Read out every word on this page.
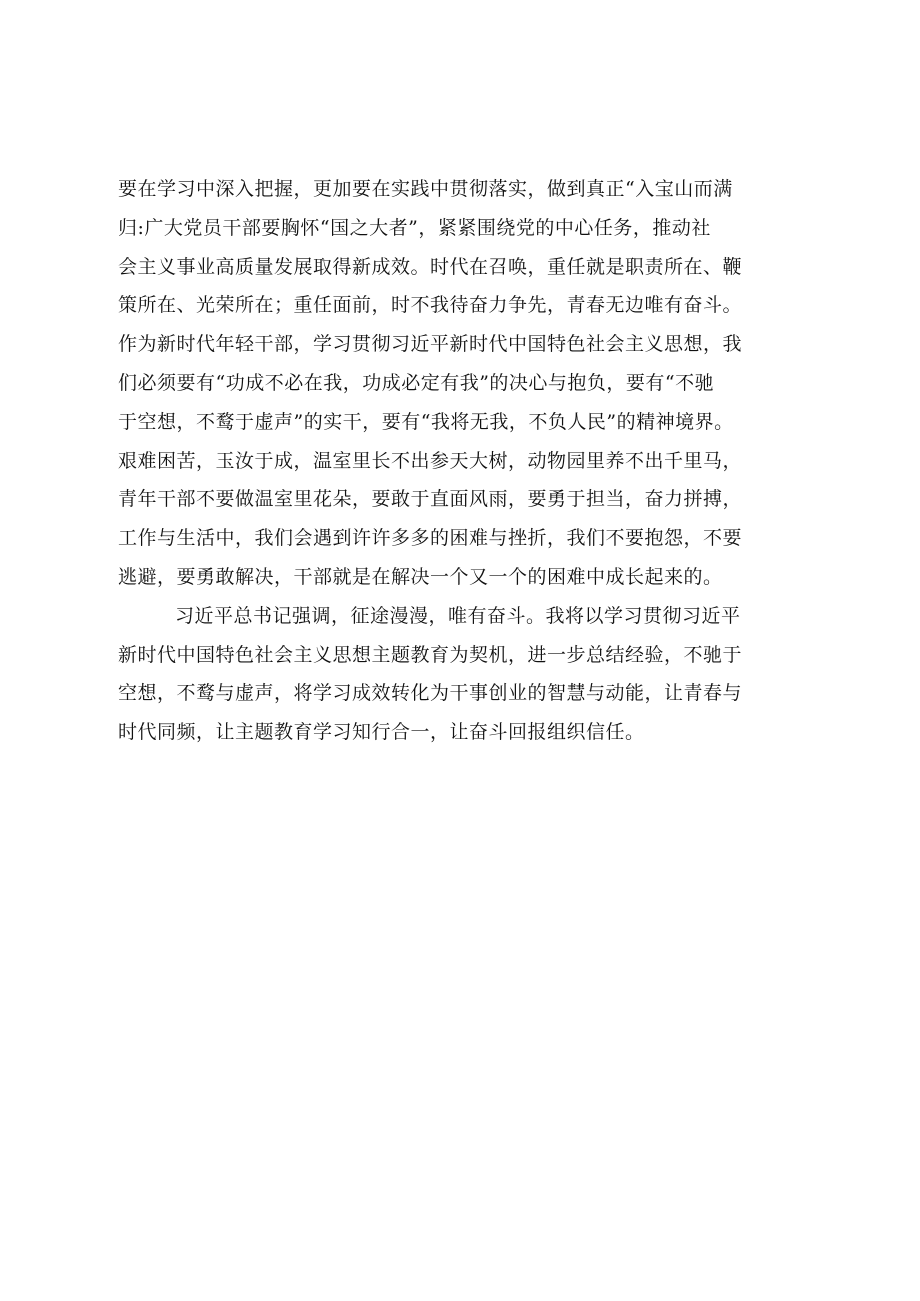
要在学习中深入把握，更加要在实践中贯彻落实，做到真正“入宝山而满
归:广大党员干部要胸怀“国之大者”，紧紧围绕党的中心任务，推动社
会主义事业高质量发展取得新成效。时代在召唤，重任就是职责所在、鞭
策所在、光荣所在；重任面前，时不我待奋力争先，青春无边唯有奋斗。
作为新时代年轻干部，学习贯彻习近平新时代中国特色社会主义思想，我
们必须要有“功成不必在我，功成必定有我”的决心与抱负，要有“不驰
于空想，不鹜于虚声”的实干，要有“我将无我，不负人民”的精神境界。
艰难困苦，玉汝于成，温室里长不出参天大树，动物园里养不出千里马，
青年干部不要做温室里花朵，要敢于直面风雨，要勇于担当，奋力拼搏，
工作与生活中，我们会遇到许许多多的困难与挫折，我们不要抱怨，不要
逃避，要勇敢解决，干部就是在解决一个又一个的困难中成长起来的。
习近平总书记强调，征途漫漫，唯有奋斗。我将以学习贯彻习近平
新时代中国特色社会主义思想主题教育为契机，进一步总结经验，不驰于
空想，不鹜与虚声，将学习成效转化为干事创业的智慧与动能，让青春与
时代同频，让主题教育学习知行合一，让奋斗回报组织信任。
